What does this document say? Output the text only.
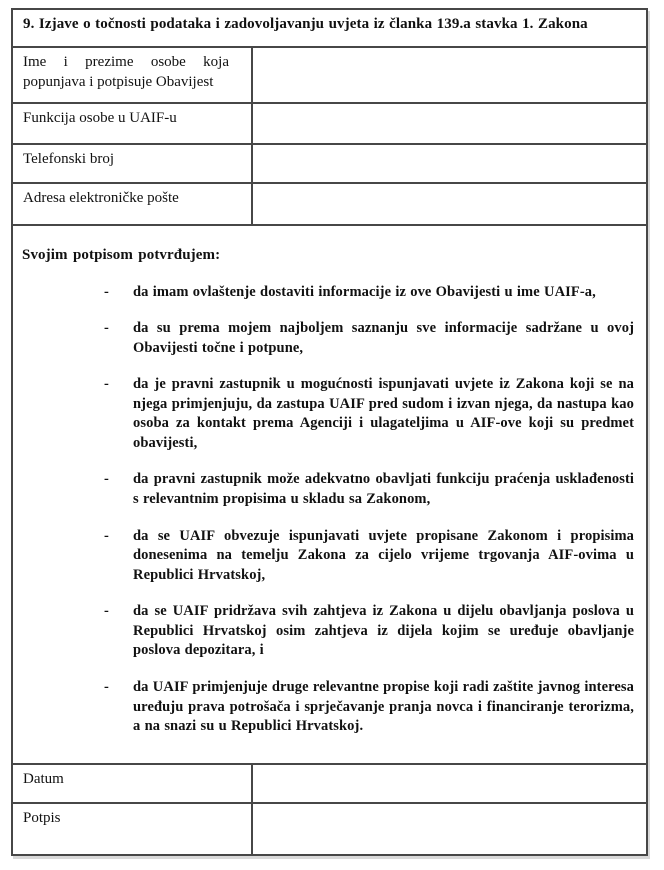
9. Izjave o točnosti podataka i zadovoljavanju uvjeta iz članka 139.a stavka 1. Zakona	
Ime i prezime osobe koja popunjava i potpisuje Obavijest	
Funkcija osobe u UAIF-u	
Telefonski broj	
Adresa elektroničke pošte	

Svojim potpisom potvrđujem:

- da imam ovlaštenje dostaviti informacije iz ove Obavijesti u ime UAIF-a,
- da su prema mojem najboljem saznanju sve informacije sadržane u ovoj Obavijesti točne i potpune,
- da je pravni zastupnik u mogućnosti ispunjavati uvjete iz Zakona koji se na njega primjenjuju, da zastupa UAIF pred sudom i izvan njega, da nastupa kao osoba za kontakt prema Agenciji i ulagateljima u AIF-ove koji su predmet obavijesti,
- da pravni zastupnik može adekvatno obavljati funkciju praćenja usklađenosti s relevantnim propisima u skladu sa Zakonom,
- da se UAIF obvezuje ispunjavati uvjete propisane Zakonom i propisima donesenima na temelju Zakona za cijelo vrijeme trgovanja AIF-ovima u Republici Hrvatskoj,
- da se UAIF pridržava svih zahtjeva iz Zakona u dijelu obavljanja poslova u Republici Hrvatskoj osim zahtjeva iz dijela kojim se uređuje obavljanje poslova depozitara, i
- da UAIF primjenjuje druge relevantne propise koji radi zaštite javnog interesa uređuju prava potrošača i sprječavanje pranja novca i financiranje terorizma, a na snazi su u Republici Hrvatskoj.

Datum	
Potpis	
